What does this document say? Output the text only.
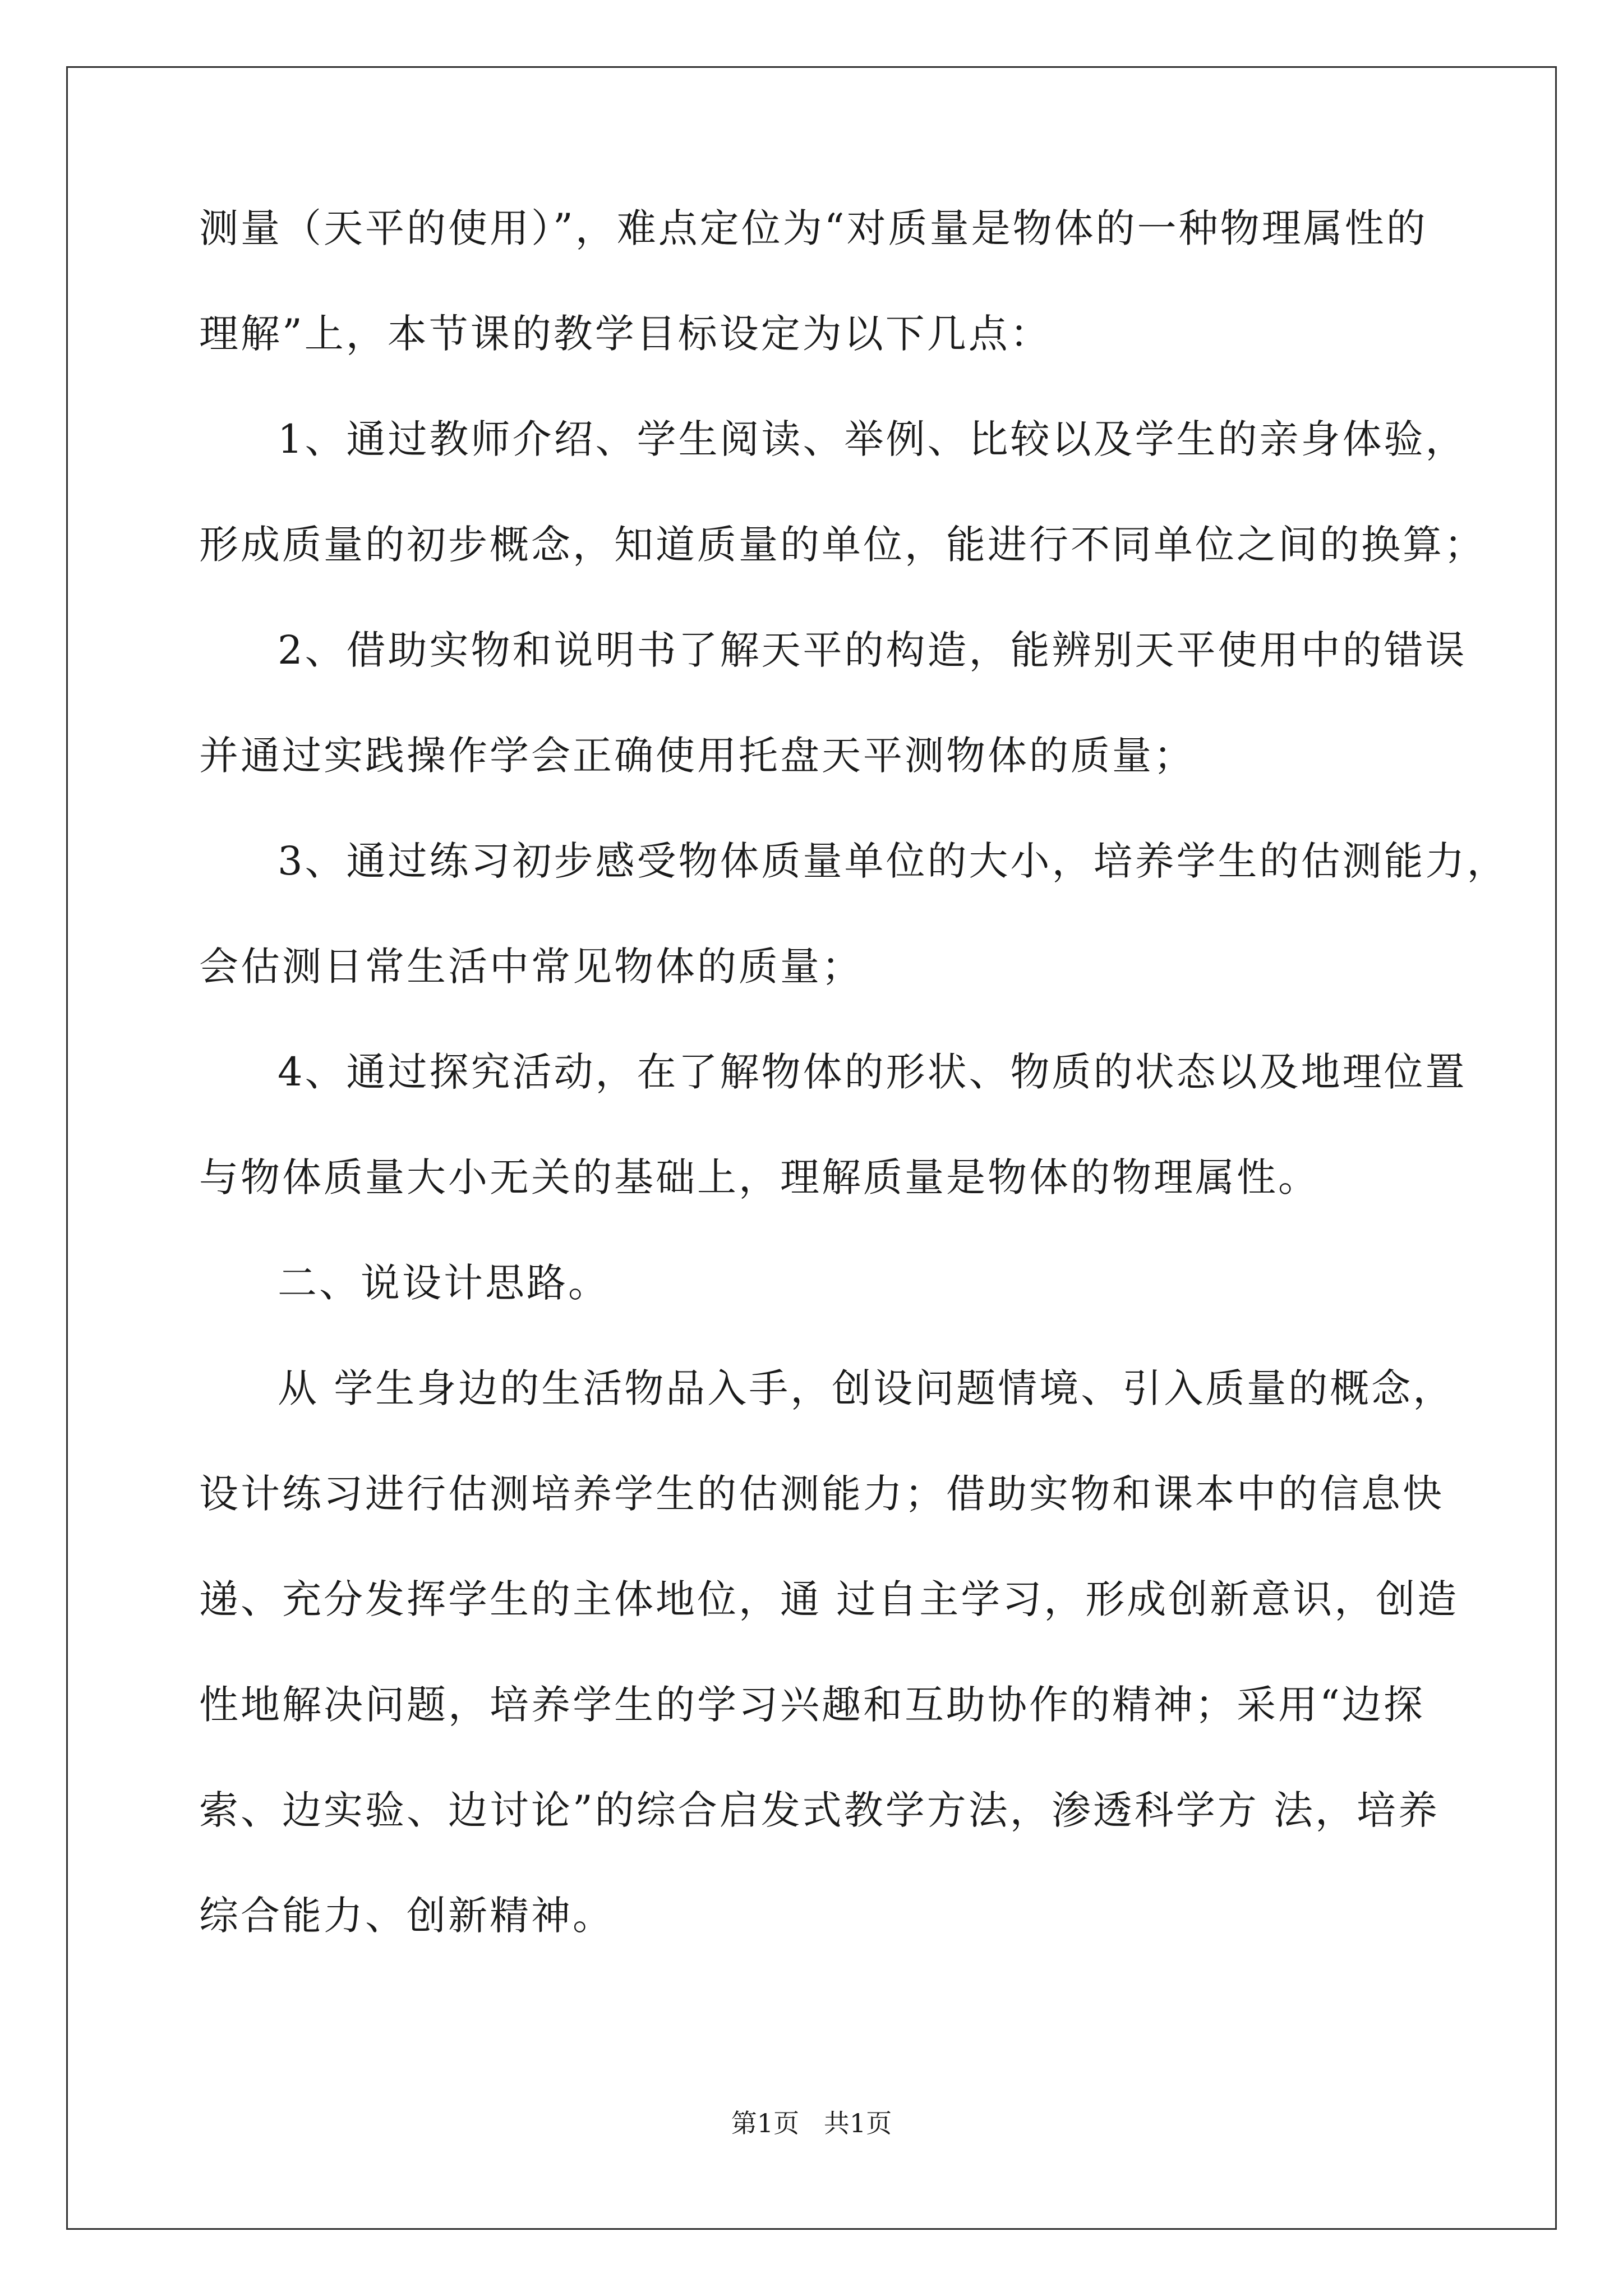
测量（天平的使用）”，难点定位为“对质量是物体的一种物理属性的
理解”上，本节课的教学目标设定为以下几点：
1、通过教师介绍、学生阅读、举例、比较以及学生的亲身体验，
形成质量的初步概念，知道质量的单位，能进行不同单位之间的换算；
2、借助实物和说明书了解天平的构造，能辨别天平使用中的错误
并通过实践操作学会正确使用托盘天平测物体的质量；
3、通过练习初步感受物体质量单位的大小，培养学生的估测能力，
会估测日常生活中常见物体的质量；
4、通过探究活动，在了解物体的形状、物质的状态以及地理位置
与物体质量大小无关的基础上，理解质量是物体的物理属性。
二、说设计思路。
从 学生身边的生活物品入手，创设问题情境、引入质量的概念，
设计练习进行估测培养学生的估测能力；借助实物和课本中的信息快
递、充分发挥学生的主体地位，通 过自主学习，形成创新意识，创造
性地解决问题，培养学生的学习兴趣和互助协作的精神；采用“边探
索、边实验、边讨论”的综合启发式教学方法，渗透科学方 法，培养
综合能力、创新精神。
第1页   共1页
